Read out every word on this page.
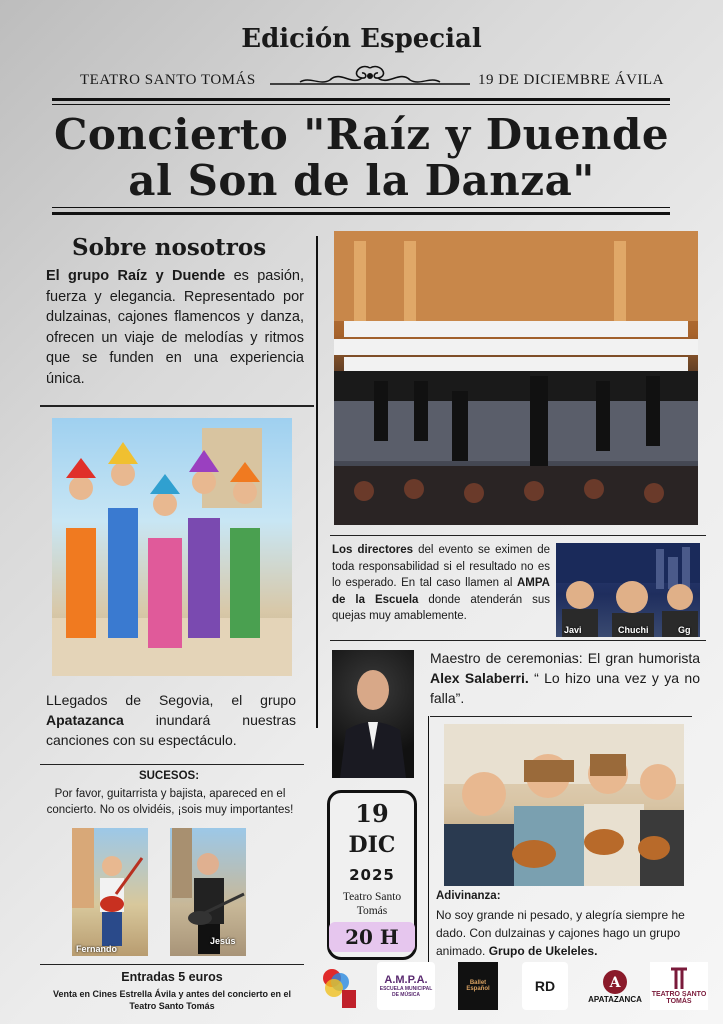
Edición Especial
TEATRO SANTO TOMÁS	19 DE DICIEMBRE ÁVILA
Concierto "Raíz y Duende
al Son de la Danza"
Sobre nosotros
El grupo Raíz y Duende es pasión, fuerza y elegancia. Representado por dulzainas, cajones flamencos y danza, ofrecen un viaje de melodías y ritmos que se funden en una experiencia única.
LLegados de Segovia, el grupo Apatazanca inundará nuestras canciones con su espectáculo.
Los directores del evento se eximen de toda responsabilidad si el resultado no es lo esperado. En tal caso llamen al AMPA de la Escuela donde atenderán sus quejas muy amablemente.
Javi	Chuchi	Gg
Maestro de ceremonias: El gran humorista Alex Salaberri. “ Lo hizo una vez y ya no falla”.
SUCESOS:
Por favor, guitarrista y bajista, apareced en el concierto. No os olvidéis, ¡sois muy importantes!
Fernando
Jesús
19
DIC
2025
Teatro Santo
Tomás
20 H
Adivinanza:
No soy grande ni pesado, y alegría siempre he dado. Con dulzainas y cajones hago un grupo animado. Grupo de Ukeleles.
Entradas 5 euros
Venta en Cines Estrella Ávila y antes del concierto en el Teatro Santo Tomás
A.M.P.A.
ESCUELA MUNICIPAL DE MÚSICA
Ballet Español	RD	A
APATAZANCA TEATRO SANTO TOMÁS
